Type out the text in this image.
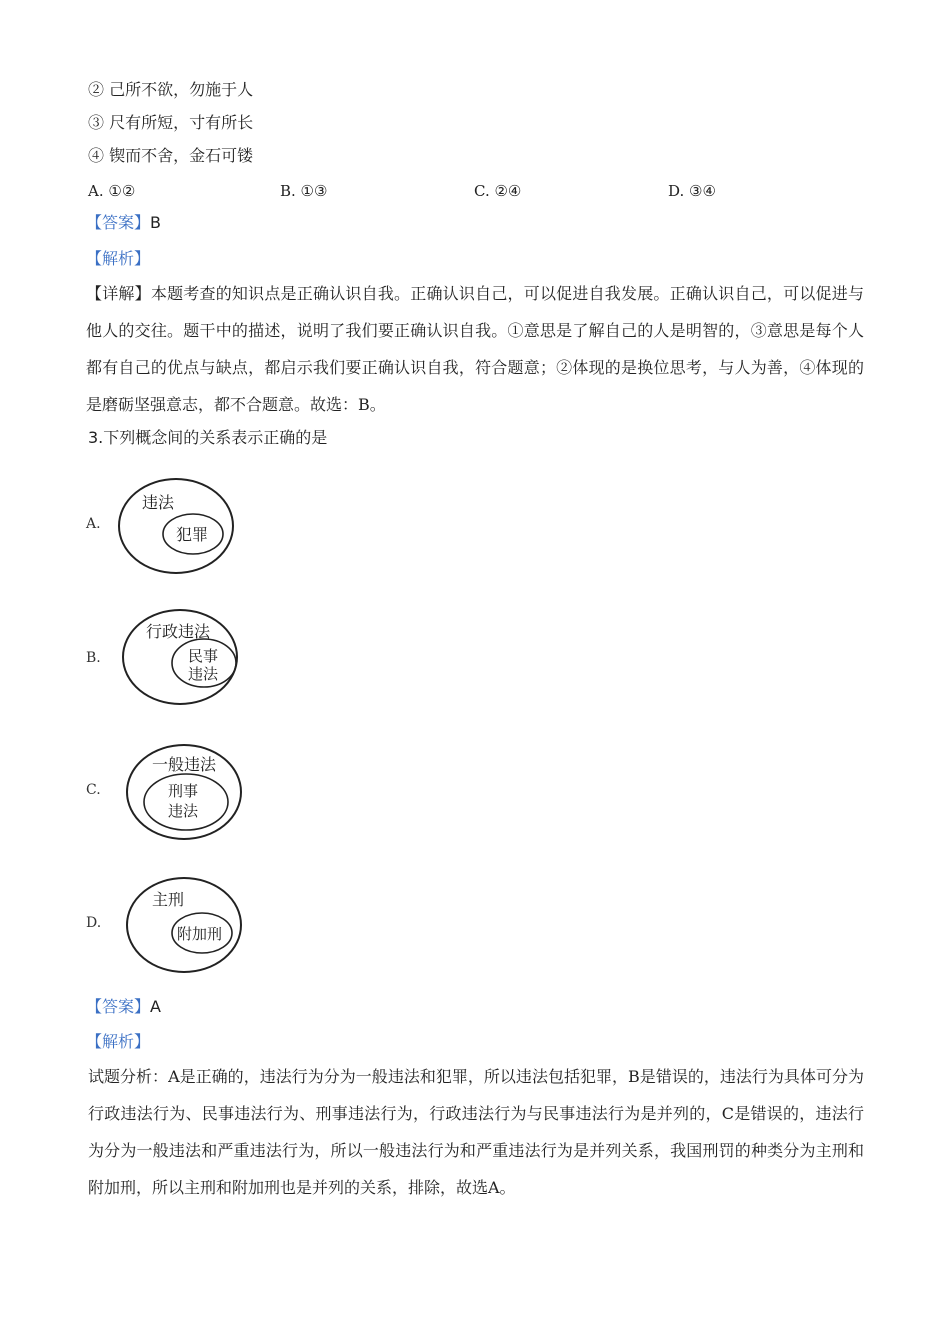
② 己所不欲，勿施于人
③ 尺有所短，寸有所长
④ 锲而不舍，金石可镂
A. ①②	B. ①③	C. ②④	D. ③④
【答案】B
【解析】
【详解】本题考查的知识点是正确认识自我。正确认识自己，可以促进自我发展。正确认识自己，可以促进与他人的交往。题干中的描述，说明了我们要正确认识自我。①意思是了解自己的人是明智的，③意思是每个人都有自己的优点与缺点，都启示我们要正确认识自我，符合题意；②体现的是换位思考，与人为善，④体现的是磨砺坚强意志，都不合题意。故选：B。
3.下列概念间的关系表示正确的是
A.
违法
犯罪
B.
行政违法
民事
违法
C.
一般违法
刑事
违法
D.
主刑
附加刑
【答案】A
【解析】
试题分析：A是正确的，违法行为分为一般违法和犯罪，所以违法包括犯罪，B是错误的，违法行为具体可分为行政违法行为、民事违法行为、刑事违法行为，行政违法行为与民事违法行为是并列的，C是错误的，违法行为分为一般违法和严重违法行为，所以一般违法行为和严重违法行为是并列关系，我国刑罚的种类分为主刑和附加刑，所以主刑和附加刑也是并列的关系，排除，故选A。
